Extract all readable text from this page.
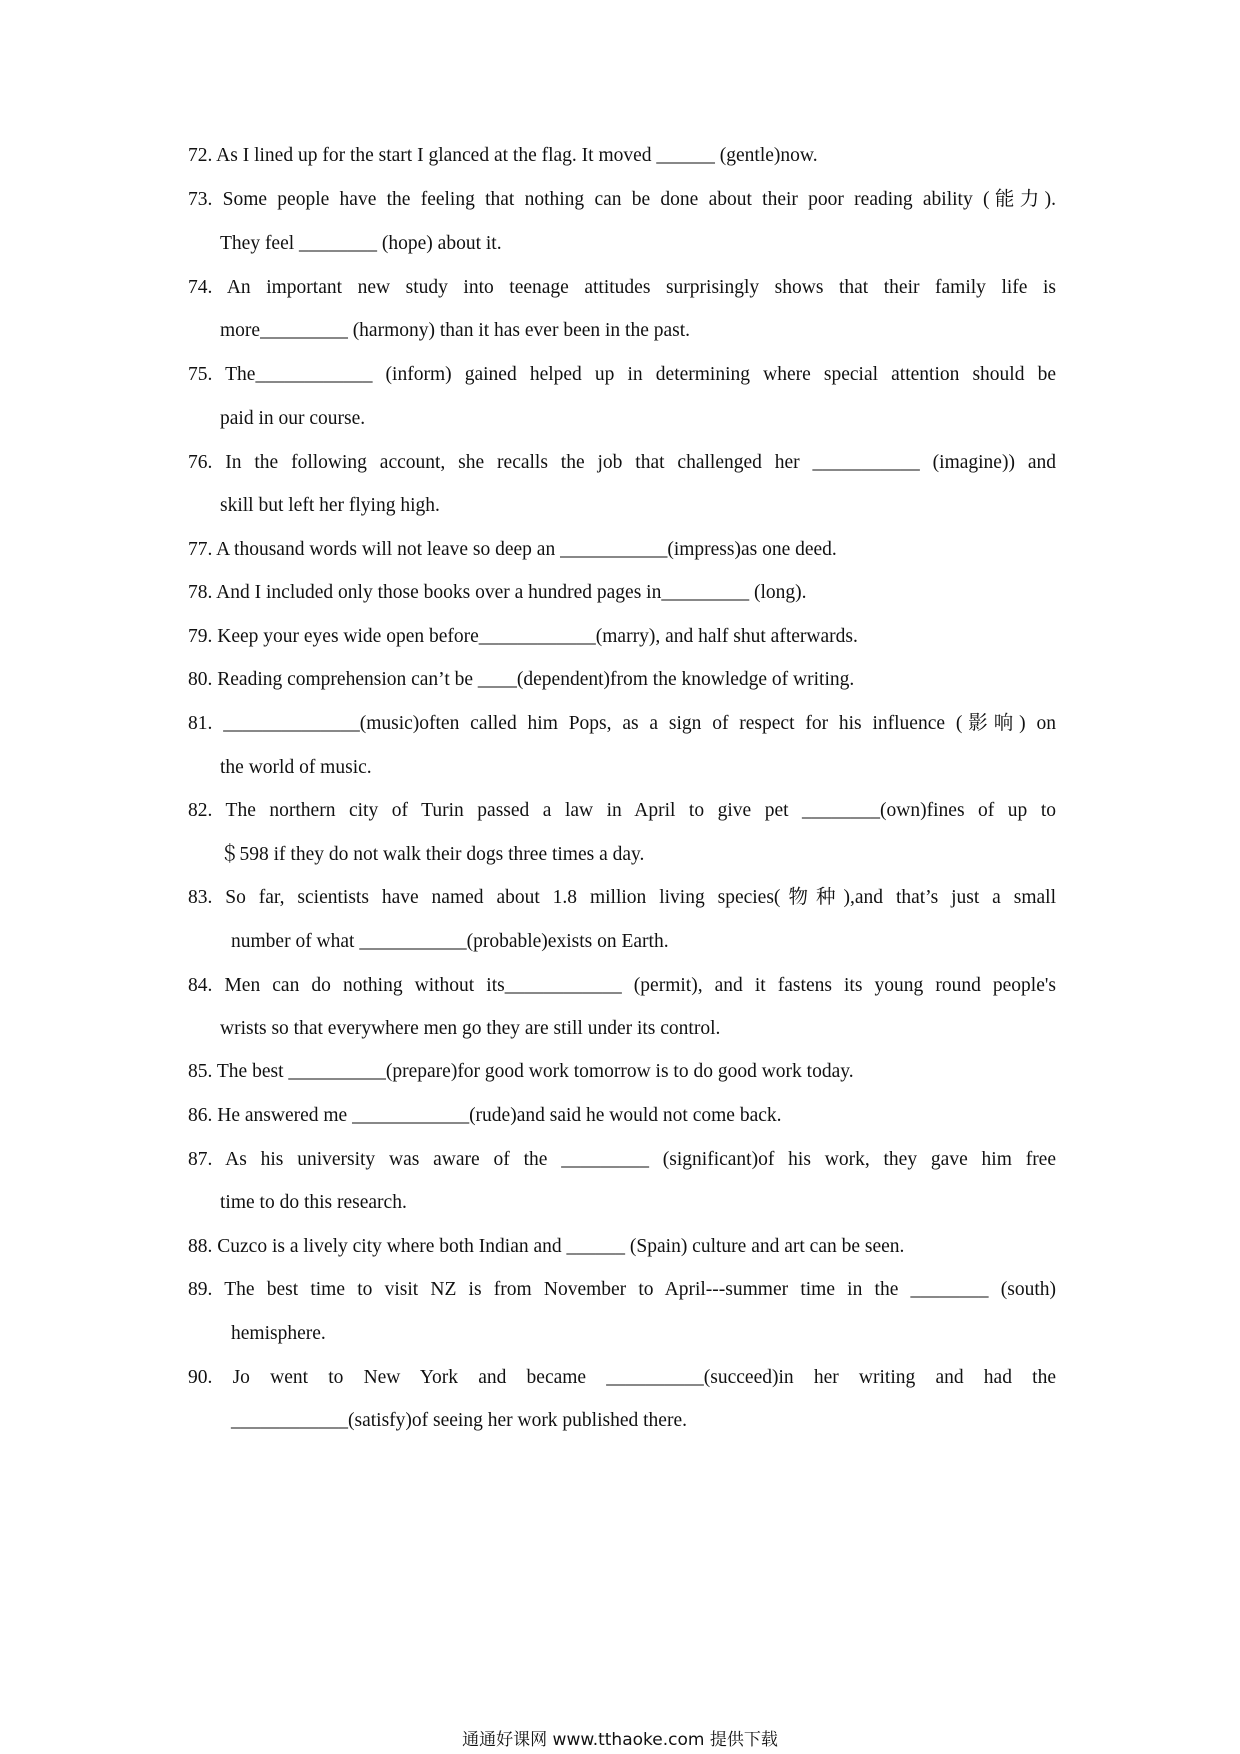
72. As I lined up for the start I glanced at the flag. It moved ______ (gentle)now.
73. Some people have the feeling that nothing can be done about their poor reading ability (能力).
They feel ________ (hope) about it.
74. An important new study into teenage attitudes surprisingly shows that their family life is
more_________ (harmony) than it has ever been in the past.
75. The____________ (inform) gained helped up in determining where special attention should be
paid in our course.
76. In the following account, she recalls the job that challenged her ___________ (imagine)) and
skill but left her flying high.
77. A thousand words will not leave so deep an ___________(impress)as one deed.
78. And I included only those books over a hundred pages in_________ (long).
79. Keep your eyes wide open before____________(marry), and half shut afterwards.
80. Reading comprehension can’t be ____(dependent)from the knowledge of writing.
81. ______________(music)often called him Pops, as a sign of respect for his influence (影响) on
the world of music.
82. The northern city of Turin passed a law in April to give pet ________(own)fines of up to
＄598 if they do not walk their dogs three times a day.
83. So far, scientists have named about 1.8 million living species(物种),and that’s just a small
number of what ___________(probable)exists on Earth.
84. Men can do nothing without its____________ (permit), and it fastens its young round people's
wrists so that everywhere men go they are still under its control.
85. The best __________(prepare)for good work tomorrow is to do good work today.
86. He answered me ____________(rude)and said he would not come back.
87. As his university was aware of the _________ (significant)of his work, they gave him free
time to do this research.
88. Cuzco is a lively city where both Indian and ______ (Spain) culture and art can be seen.
89. The best time to visit NZ is from November to April---summer time in the ________ (south)
hemisphere.
90. Jo went to New York and became __________(succeed)in her writing and had the
____________(satisfy)of seeing her work published there.
通通好课网 www.tthaoke.com 提供下载
